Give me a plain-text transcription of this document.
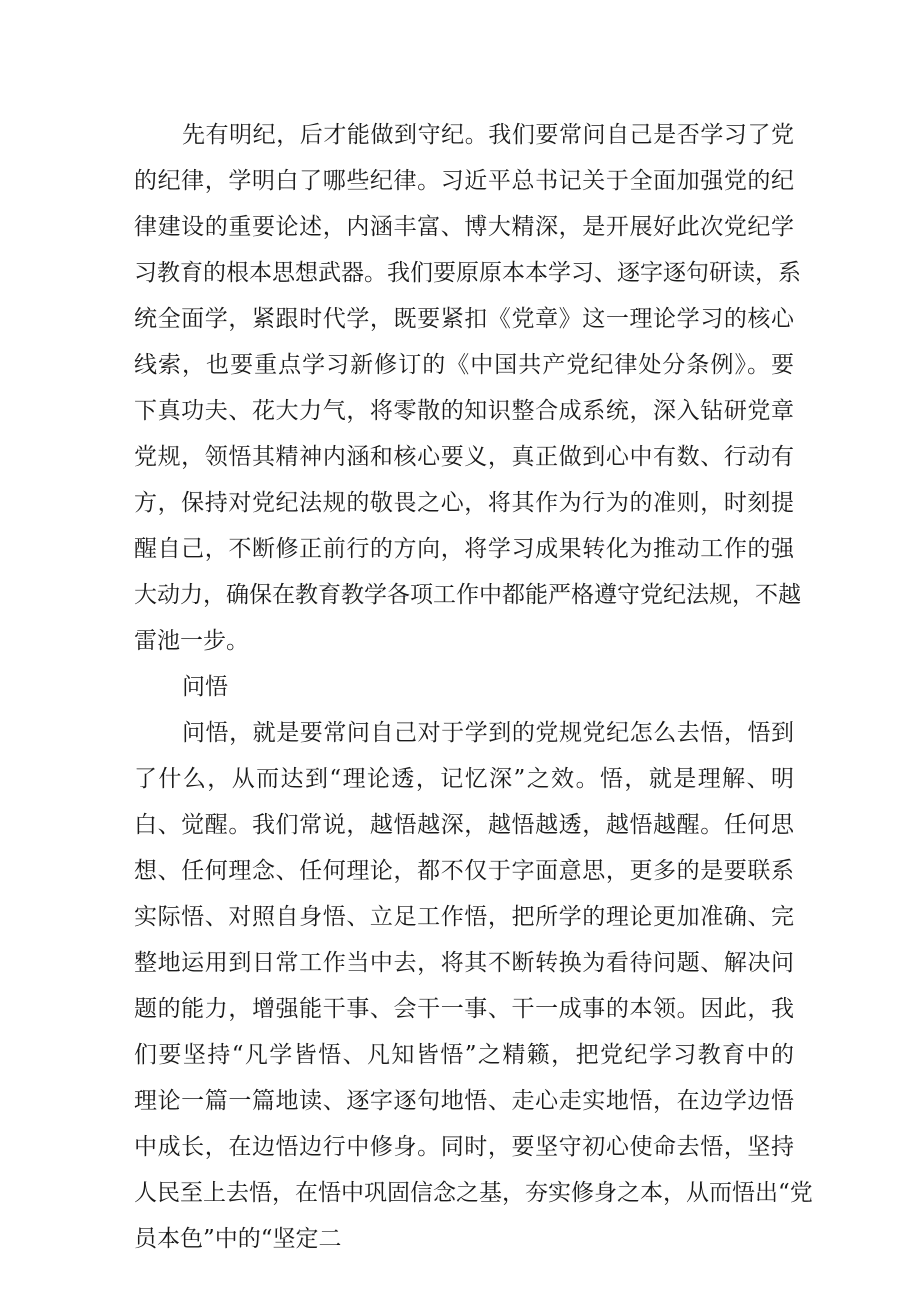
先有明纪，后才能做到守纪。我们要常问自己是否学习了党
的纪律，学明白了哪些纪律。习近平总书记关于全面加强党的纪
律建设的重要论述，内涵丰富、博大精深，是开展好此次党纪学
习教育的根本思想武器。我们要原原本本学习、逐字逐句研读，系
统全面学，紧跟时代学，既要紧扣《党章》这一理论学习的核心
线索，也要重点学习新修订的《中国共产党纪律处分条例》。要
下真功夫、花大力气，将零散的知识整合成系统，深入钻研党章
党规，领悟其精神内涵和核心要义，真正做到心中有数、行动有
方，保持对党纪法规的敬畏之心，将其作为行为的准则，时刻提
醒自己，不断修正前行的方向，将学习成果转化为推动工作的强
大动力，确保在教育教学各项工作中都能严格遵守党纪法规，不越
雷池一步。
问悟
问悟，就是要常问自己对于学到的党规党纪怎么去悟，悟到
了什么，从而达到“理论透，记忆深”之效。悟，就是理解、明
白、觉醒。我们常说，越悟越深，越悟越透，越悟越醒。任何思
想、任何理念、任何理论，都不仅于字面意思，更多的是要联系
实际悟、对照自身悟、立足工作悟，把所学的理论更加准确、完
整地运用到日常工作当中去，将其不断转换为看待问题、解决问
题的能力，增强能干事、会干一事、干一成事的本领。因此，我
们要坚持“凡学皆悟、凡知皆悟”之精籁，把党纪学习教育中的
理论一篇一篇地读、逐字逐句地悟、走心走实地悟，在边学边悟
中成长，在边悟边行中修身。同时，要坚守初心使命去悟，坚持
人民至上去悟，在悟中巩固信念之基，夯实修身之本，从而悟出“党
员本色”中的“坚定二
